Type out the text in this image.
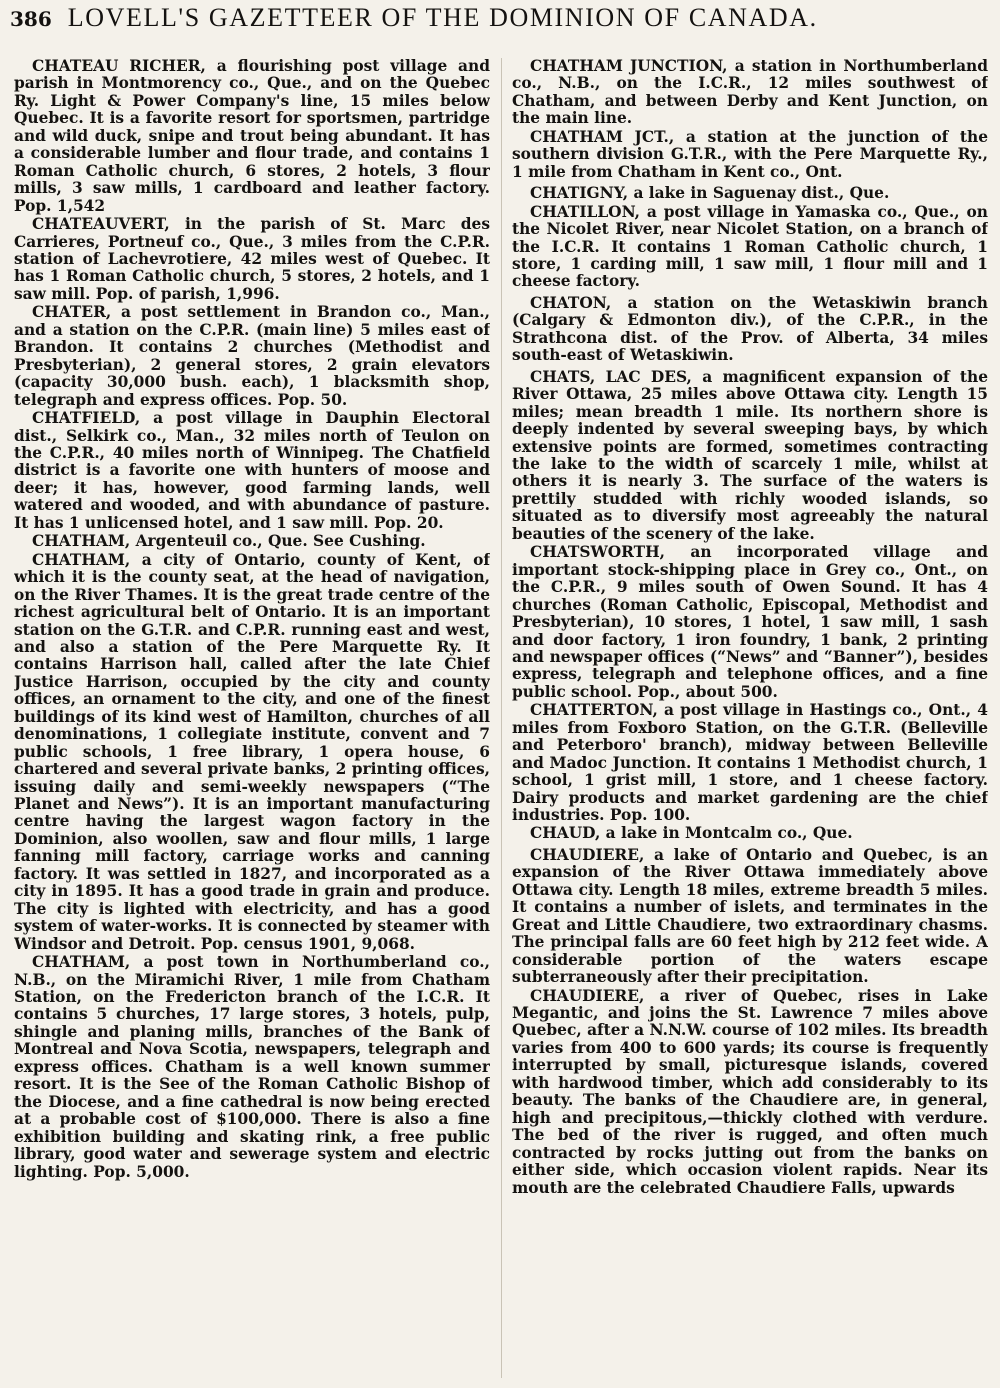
386 LOVELL'S GAZETTEER OF THE DOMINION OF CANADA.

CHATEAU RICHER, a flourishing post village and parish in Montmorency co., Que., and on the Quebec Ry. Light & Power Company's line, 15 miles below Quebec. It is a favorite resort for sportsmen, partridge and wild duck, snipe and trout being abundant. It has a considerable lumber and flour trade, and contains 1 Roman Catholic church, 6 stores, 2 hotels, 3 flour mills, 3 saw mills, 1 cardboard and leather factory. Pop. 1,542

CHATEAUVERT, in the parish of St. Marc des Carrieres, Portneuf co., Que., 3 miles from the C.P.R. station of Lachevrotiere, 42 miles west of Quebec. It has 1 Roman Catholic church, 5 stores, 2 hotels, and 1 saw mill. Pop. of parish, 1,996.

CHATER, a post settlement in Brandon co., Man., and a station on the C.P.R. (main line) 5 miles east of Brandon. It contains 2 churches (Methodist and Presbyterian), 2 general stores, 2 grain elevators (capacity 30,000 bush. each), 1 blacksmith shop, telegraph and express offices. Pop. 50.

CHATFIELD, a post village in Dauphin Electoral dist., Selkirk co., Man., 32 miles north of Teulon on the C.P.R., 40 miles north of Winnipeg. The Chatfield district is a favorite one with hunters of moose and deer; it has, however, good farming lands, well watered and wooded, and with abundance of pasture. It has 1 unlicensed hotel, and 1 saw mill. Pop. 20.

CHATHAM, Argenteuil co., Que. See Cushing.

CHATHAM, a city of Ontario, county of Kent, of which it is the county seat, at the head of navigation, on the River Thames. It is the great trade centre of the richest agricultural belt of Ontario. It is an important station on the G.T.R. and C.P.R. running east and west, and also a station of the Pere Marquette Ry. It contains Harrison hall, called after the late Chief Justice Harrison, occupied by the city and county offices, an ornament to the city, and one of the finest buildings of its kind west of Hamilton, churches of all denominations, 1 collegiate institute, convent and 7 public schools, 1 free library, 1 opera house, 6 chartered and several private banks, 2 printing offices, issuing daily and semi-weekly newspapers (“The Planet and News”). It is an important manufacturing centre having the largest wagon factory in the Dominion, also woollen, saw and flour mills, 1 large fanning mill factory, carriage works and canning factory. It was settled in 1827, and incorporated as a city in 1895. It has a good trade in grain and produce. The city is lighted with electricity, and has a good system of water-works. It is connected by steamer with Windsor and Detroit. Pop. census 1901, 9,068.

CHATHAM, a post town in Northumberland co., N.B., on the Miramichi River, 1 mile from Chatham Station, on the Fredericton branch of the I.C.R. It contains 5 churches, 17 large stores, 3 hotels, pulp, shingle and planing mills, branches of the Bank of Montreal and Nova Scotia, newspapers, telegraph and express offices. Chatham is a well known summer resort. It is the See of the Roman Catholic Bishop of the Diocese, and a fine cathedral is now being erected at a probable cost of $100,000. There is also a fine exhibition building and skating rink, a free public library, good water and sewerage system and electric lighting. Pop. 5,000.

CHATHAM JUNCTION, a station in Northumberland co., N.B., on the I.C.R., 12 miles southwest of Chatham, and between Derby and Kent Junction, on the main line.

CHATHAM JCT., a station at the junction of the southern division G.T.R., with the Pere Marquette Ry., 1 mile from Chatham in Kent co., Ont.

CHATIGNY, a lake in Saguenay dist., Que.

CHATILLON, a post village in Yamaska co., Que., on the Nicolet River, near Nicolet Station, on a branch of the I.C.R. It contains 1 Roman Catholic church, 1 store, 1 carding mill, 1 saw mill, 1 flour mill and 1 cheese factory.

CHATON, a station on the Wetaskiwin branch (Calgary & Edmonton div.), of the C.P.R., in the Strathcona dist. of the Prov. of Alberta, 34 miles south-east of Wetaskiwin.

CHATS, LAC DES, a magnificent expansion of the River Ottawa, 25 miles above Ottawa city. Length 15 miles; mean breadth 1 mile. Its northern shore is deeply indented by several sweeping bays, by which extensive points are formed, sometimes contracting the lake to the width of scarcely 1 mile, whilst at others it is nearly 3. The surface of the waters is prettily studded with richly wooded islands, so situated as to diversify most agreeably the natural beauties of the scenery of the lake.

CHATSWORTH, an incorporated village and important stock-shipping place in Grey co., Ont., on the C.P.R., 9 miles south of Owen Sound. It has 4 churches (Roman Catholic, Episcopal, Methodist and Presbyterian), 10 stores, 1 hotel, 1 saw mill, 1 sash and door factory, 1 iron foundry, 1 bank, 2 printing and newspaper offices (“News” and “Banner”), besides express, telegraph and telephone offices, and a fine public school. Pop., about 500.

CHATTERTON, a post village in Hastings co., Ont., 4 miles from Foxboro Station, on the G.T.R. (Belleville and Peterboro' branch), midway between Belleville and Madoc Junction. It contains 1 Methodist church, 1 school, 1 grist mill, 1 store, and 1 cheese factory. Dairy products and market gardening are the chief industries. Pop. 100.

CHAUD, a lake in Montcalm co., Que.

CHAUDIERE, a lake of Ontario and Quebec, is an expansion of the River Ottawa immediately above Ottawa city. Length 18 miles, extreme breadth 5 miles. It contains a number of islets, and terminates in the Great and Little Chaudiere, two extraordinary chasms. The principal falls are 60 feet high by 212 feet wide. A considerable portion of the waters escape subterraneously after their precipitation.

CHAUDIERE, a river of Quebec, rises in Lake Megantic, and joins the St. Lawrence 7 miles above Quebec, after a N.N.W. course of 102 miles. Its breadth varies from 400 to 600 yards; its course is frequently interrupted by small, picturesque islands, covered with hardwood timber, which add considerably to its beauty. The banks of the Chaudiere are, in general, high and precipitous,—thickly clothed with verdure. The bed of the river is rugged, and often much contracted by rocks jutting out from the banks on either side, which occasion violent rapids. Near its mouth are the celebrated Chaudiere Falls, upwards
